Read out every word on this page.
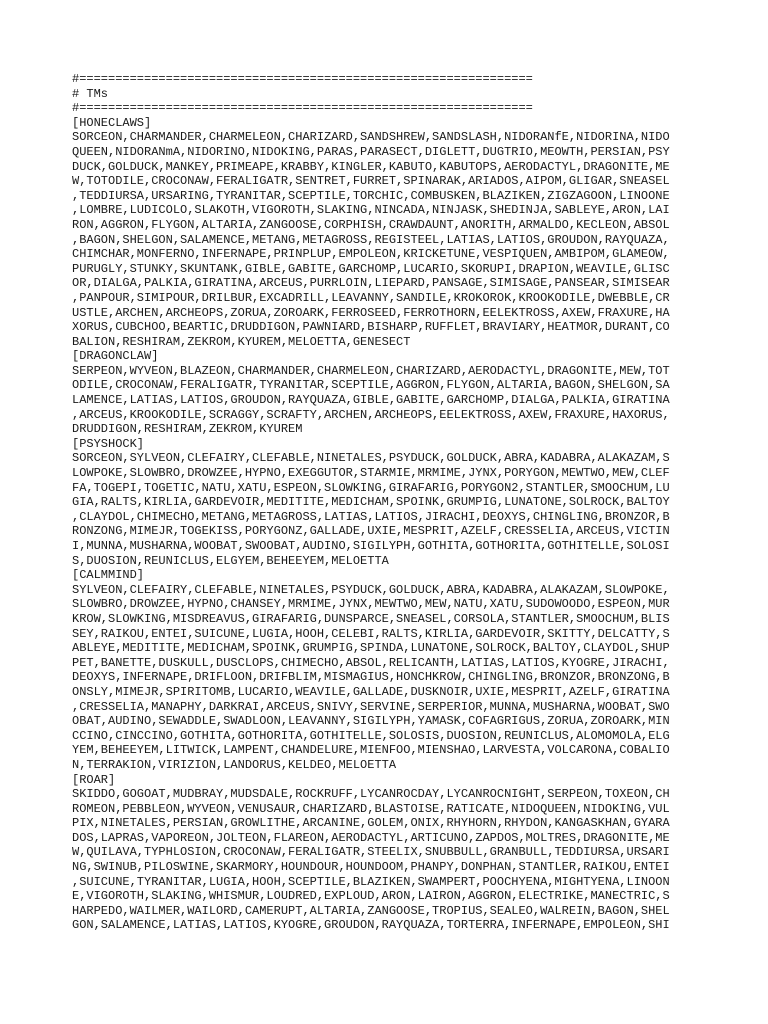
#===============================================================
# TMs
#===============================================================
[HONECLAWS]
SORCEON,CHARMANDER,CHARMELEON,CHARIZARD,SANDSHREW,SANDSLASH,NIDORANfE,NIDORINA,NIDO
QUEEN,NIDORANmA,NIDORINO,NIDOKING,PARAS,PARASECT,DIGLETT,DUGTRIO,MEOWTH,PERSIAN,PSY
DUCK,GOLDUCK,MANKEY,PRIMEAPE,KRABBY,KINGLER,KABUTO,KABUTOPS,AERODACTYL,DRAGONITE,ME
W,TOTODILE,CROCONAW,FERALIGATR,SENTRET,FURRET,SPINARAK,ARIADOS,AIPOM,GLIGAR,SNEASEL
,TEDDIURSA,URSARING,TYRANITAR,SCEPTILE,TORCHIC,COMBUSKEN,BLAZIKEN,ZIGZAGOON,LINOONE
,LOMBRE,LUDICOLO,SLAKOTH,VIGOROTH,SLAKING,NINCADA,NINJASK,SHEDINJA,SABLEYE,ARON,LAI
RON,AGGRON,FLYGON,ALTARIA,ZANGOOSE,CORPHISH,CRAWDAUNT,ANORITH,ARMALDO,KECLEON,ABSOL
,BAGON,SHELGON,SALAMENCE,METANG,METAGROSS,REGISTEEL,LATIAS,LATIOS,GROUDON,RAYQUAZA,
CHIMCHAR,MONFERNO,INFERNAPE,PRINPLUP,EMPOLEON,KRICKETUNE,VESPIQUEN,AMBIPOM,GLAMEOW,
PURUGLY,STUNKY,SKUNTANK,GIBLE,GABITE,GARCHOMP,LUCARIO,SKORUPI,DRAPION,WEAVILE,GLISC
OR,DIALGA,PALKIA,GIRATINA,ARCEUS,PURRLOIN,LIEPARD,PANSAGE,SIMISAGE,PANSEAR,SIMISEAR
,PANPOUR,SIMIPOUR,DRILBUR,EXCADRILL,LEAVANNY,SANDILE,KROKOROK,KROOKODILE,DWEBBLE,CR
USTLE,ARCHEN,ARCHEOPS,ZORUA,ZOROARK,FERROSEED,FERROTHORN,EELEKTROSS,AXEW,FRAXURE,HA
XORUS,CUBCHOO,BEARTIC,DRUDDIGON,PAWNIARD,BISHARP,RUFFLET,BRAVIARY,HEATMOR,DURANT,CO
BALION,RESHIRAM,ZEKROM,KYUREM,MELOETTA,GENESECT
[DRAGONCLAW]
SERPEON,WYVEON,BLAZEON,CHARMANDER,CHARMELEON,CHARIZARD,AERODACTYL,DRAGONITE,MEW,TOT
ODILE,CROCONAW,FERALIGATR,TYRANITAR,SCEPTILE,AGGRON,FLYGON,ALTARIA,BAGON,SHELGON,SA
LAMENCE,LATIAS,LATIOS,GROUDON,RAYQUAZA,GIBLE,GABITE,GARCHOMP,DIALGA,PALKIA,GIRATINA
,ARCEUS,KROOKODILE,SCRAGGY,SCRAFTY,ARCHEN,ARCHEOPS,EELEKTROSS,AXEW,FRAXURE,HAXORUS,
DRUDDIGON,RESHIRAM,ZEKROM,KYUREM
[PSYSHOCK]
SORCEON,SYLVEON,CLEFAIRY,CLEFABLE,NINETALES,PSYDUCK,GOLDUCK,ABRA,KADABRA,ALAKAZAM,S
LOWPOKE,SLOWBRO,DROWZEE,HYPNO,EXEGGUTOR,STARMIE,MRMIME,JYNX,PORYGON,MEWTWO,MEW,CLEF
FA,TOGEPI,TOGETIC,NATU,XATU,ESPEON,SLOWKING,GIRAFARIG,PORYGON2,STANTLER,SMOOCHUM,LU
GIA,RALTS,KIRLIA,GARDEVOIR,MEDITITE,MEDICHAM,SPOINK,GRUMPIG,LUNATONE,SOLROCK,BALTOY
,CLAYDOL,CHIMECHO,METANG,METAGROSS,LATIAS,LATIOS,JIRACHI,DEOXYS,CHINGLING,BRONZOR,B
RONZONG,MIMEJR,TOGEKISS,PORYGONZ,GALLADE,UXIE,MESPRIT,AZELF,CRESSELIA,ARCEUS,VICTIN
I,MUNNA,MUSHARNA,WOOBAT,SWOOBAT,AUDINO,SIGILYPH,GOTHITA,GOTHORITA,GOTHITELLE,SOLOSI
S,DUOSION,REUNICLUS,ELGYEM,BEHEEYEM,MELOETTA
[CALMMIND]
SYLVEON,CLEFAIRY,CLEFABLE,NINETALES,PSYDUCK,GOLDUCK,ABRA,KADABRA,ALAKAZAM,SLOWPOKE,
SLOWBRO,DROWZEE,HYPNO,CHANSEY,MRMIME,JYNX,MEWTWO,MEW,NATU,XATU,SUDOWOODO,ESPEON,MUR
KROW,SLOWKING,MISDREAVUS,GIRAFARIG,DUNSPARCE,SNEASEL,CORSOLA,STANTLER,SMOOCHUM,BLIS
SEY,RAIKOU,ENTEI,SUICUNE,LUGIA,HOOH,CELEBI,RALTS,KIRLIA,GARDEVOIR,SKITTY,DELCATTY,S
ABLEYE,MEDITITE,MEDICHAM,SPOINK,GRUMPIG,SPINDA,LUNATONE,SOLROCK,BALTOY,CLAYDOL,SHUP
PET,BANETTE,DUSKULL,DUSCLOPS,CHIMECHO,ABSOL,RELICANTH,LATIAS,LATIOS,KYOGRE,JIRACHI,
DEOXYS,INFERNAPE,DRIFLOON,DRIFBLIM,MISMAGIUS,HONCHKROW,CHINGLING,BRONZOR,BRONZONG,B
ONSLY,MIMEJR,SPIRITOMB,LUCARIO,WEAVILE,GALLADE,DUSKNOIR,UXIE,MESPRIT,AZELF,GIRATINA
,CRESSELIA,MANAPHY,DARKRAI,ARCEUS,SNIVY,SERVINE,SERPERIOR,MUNNA,MUSHARNA,WOOBAT,SWO
OBAT,AUDINO,SEWADDLE,SWADLOON,LEAVANNY,SIGILYPH,YAMASK,COFAGRIGUS,ZORUA,ZOROARK,MIN
CCINO,CINCCINO,GOTHITA,GOTHORITA,GOTHITELLE,SOLOSIS,DUOSION,REUNICLUS,ALOMOMOLA,ELG
YEM,BEHEEYEM,LITWICK,LAMPENT,CHANDELURE,MIENFOO,MIENSHAO,LARVESTA,VOLCARONA,COBALIO
N,TERRAKION,VIRIZION,LANDORUS,KELDEO,MELOETTA
[ROAR]
SKIDDO,GOGOAT,MUDBRAY,MUDSDALE,ROCKRUFF,LYCANROCDAY,LYCANROCNIGHT,SERPEON,TOXEON,CH
ROMEON,PEBBLEON,WYVEON,VENUSAUR,CHARIZARD,BLASTOISE,RATICATE,NIDOQUEEN,NIDOKING,VUL
PIX,NINETALES,PERSIAN,GROWLITHE,ARCANINE,GOLEM,ONIX,RHYHORN,RHYDON,KANGASKHAN,GYARA
DOS,LAPRAS,VAPOREON,JOLTEON,FLAREON,AERODACTYL,ARTICUNO,ZAPDOS,MOLTRES,DRAGONITE,ME
W,QUILAVA,TYPHLOSION,CROCONAW,FERALIGATR,STEELIX,SNUBBULL,GRANBULL,TEDDIURSA,URSARI
NG,SWINUB,PILOSWINE,SKARMORY,HOUNDOUR,HOUNDOOM,PHANPY,DONPHAN,STANTLER,RAIKOU,ENTEI
,SUICUNE,TYRANITAR,LUGIA,HOOH,SCEPTILE,BLAZIKEN,SWAMPERT,POOCHYENA,MIGHTYENA,LINOON
E,VIGOROTH,SLAKING,WHISMUR,LOUDRED,EXPLOUD,ARON,LAIRON,AGGRON,ELECTRIKE,MANECTRIC,S
HARPEDO,WAILMER,WAILORD,CAMERUPT,ALTARIA,ZANGOOSE,TROPIUS,SEALEO,WALREIN,BAGON,SHEL
GON,SALAMENCE,LATIAS,LATIOS,KYOGRE,GROUDON,RAYQUAZA,TORTERRA,INFERNAPE,EMPOLEON,SHI
